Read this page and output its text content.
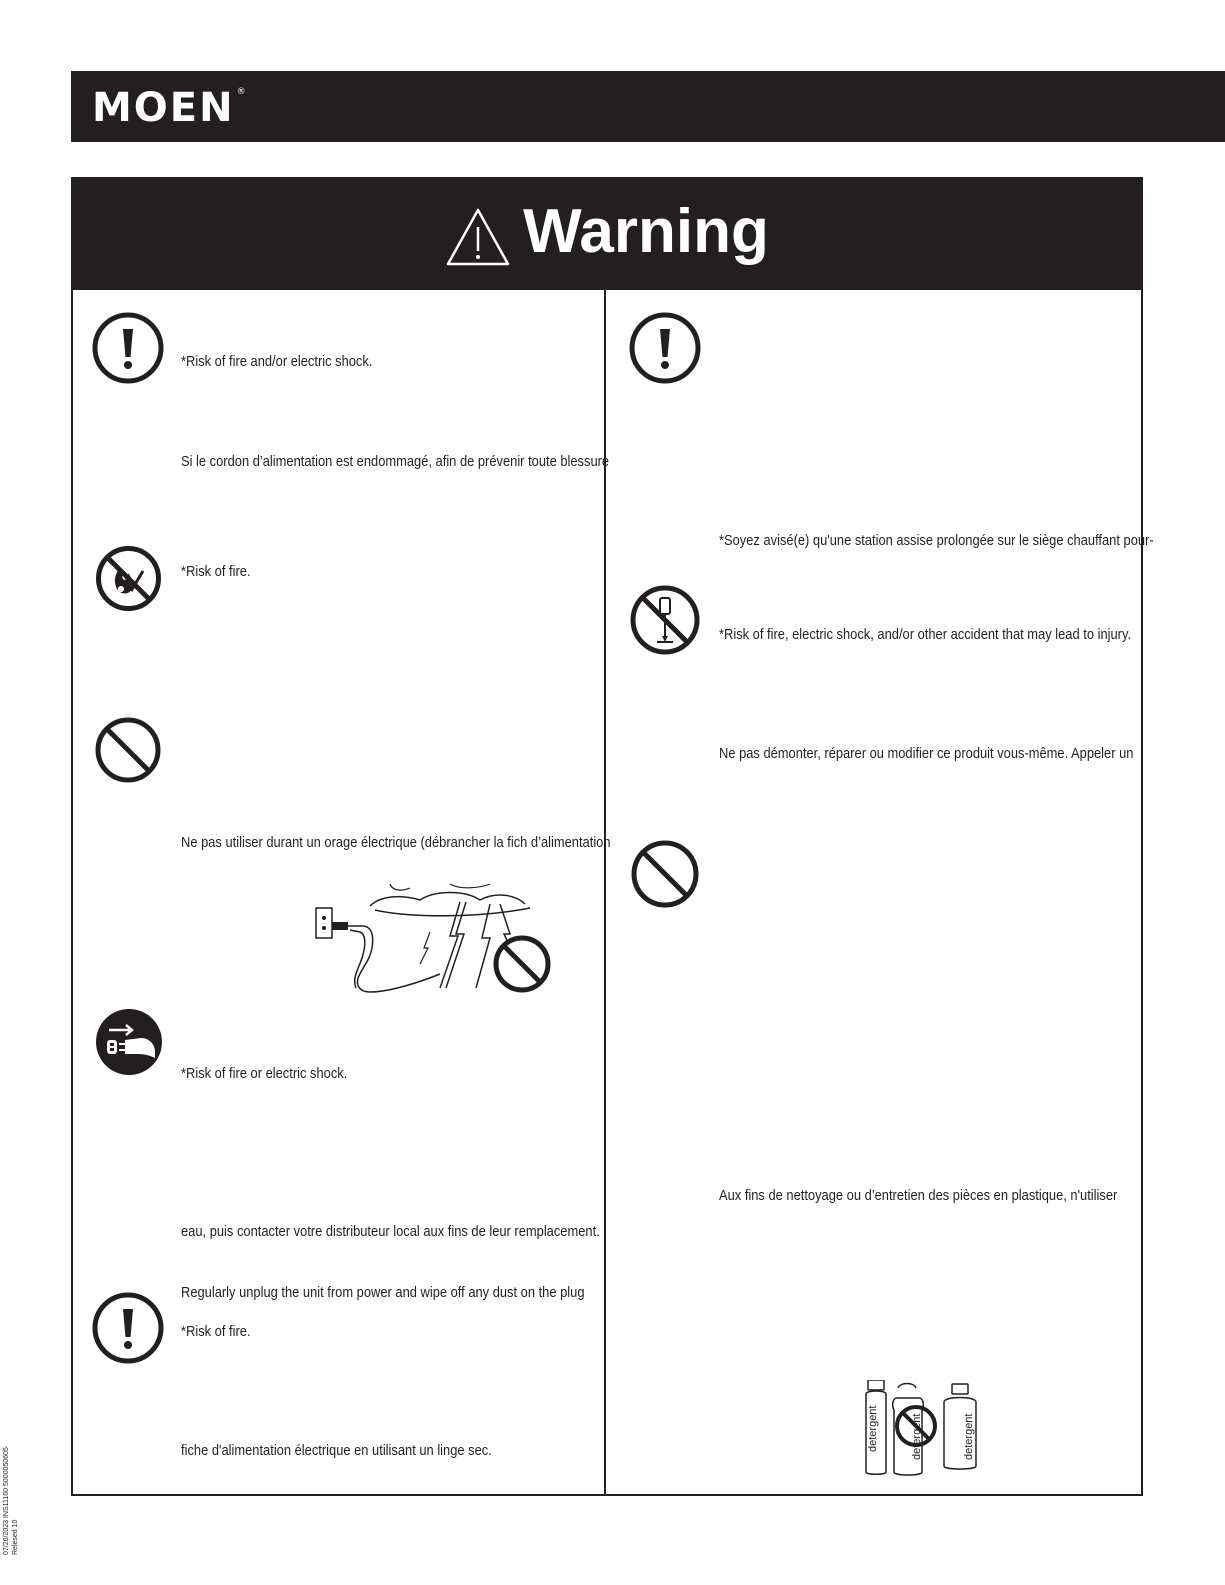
MOEN ®
Warning
detergent	detergent	detergent
*Risk of fire and/or electric shock.
Si le cordon d’alimentation est endommagé, afin de prévenir toute blessure
*Risk of fire.
Ne pas utiliser durant un orage électrique (débrancher la fich d’alimentation
*Risk of fire or electric shock.
eau, puis contacter votre distributeur local aux fins de leur remplacement.
Regularly unplug the unit from power and wipe off any dust on the plug
*Risk of fire.
fiche d'alimentation électrique en utilisant un linge sec.
*Soyez avisé(e) qu'une station assise prolongée sur le siège chauffant pour-
*Risk of fire, electric shock, and/or other accident that may lead to injury.
Ne pas démonter, réparer ou modifier ce produit vous-même. Appeler un
Aux fins de nettoyage ou d’entretien des pièces en plastique, n'utiliser
07/26/2023 INS11160 5000050605 Relesed 10
